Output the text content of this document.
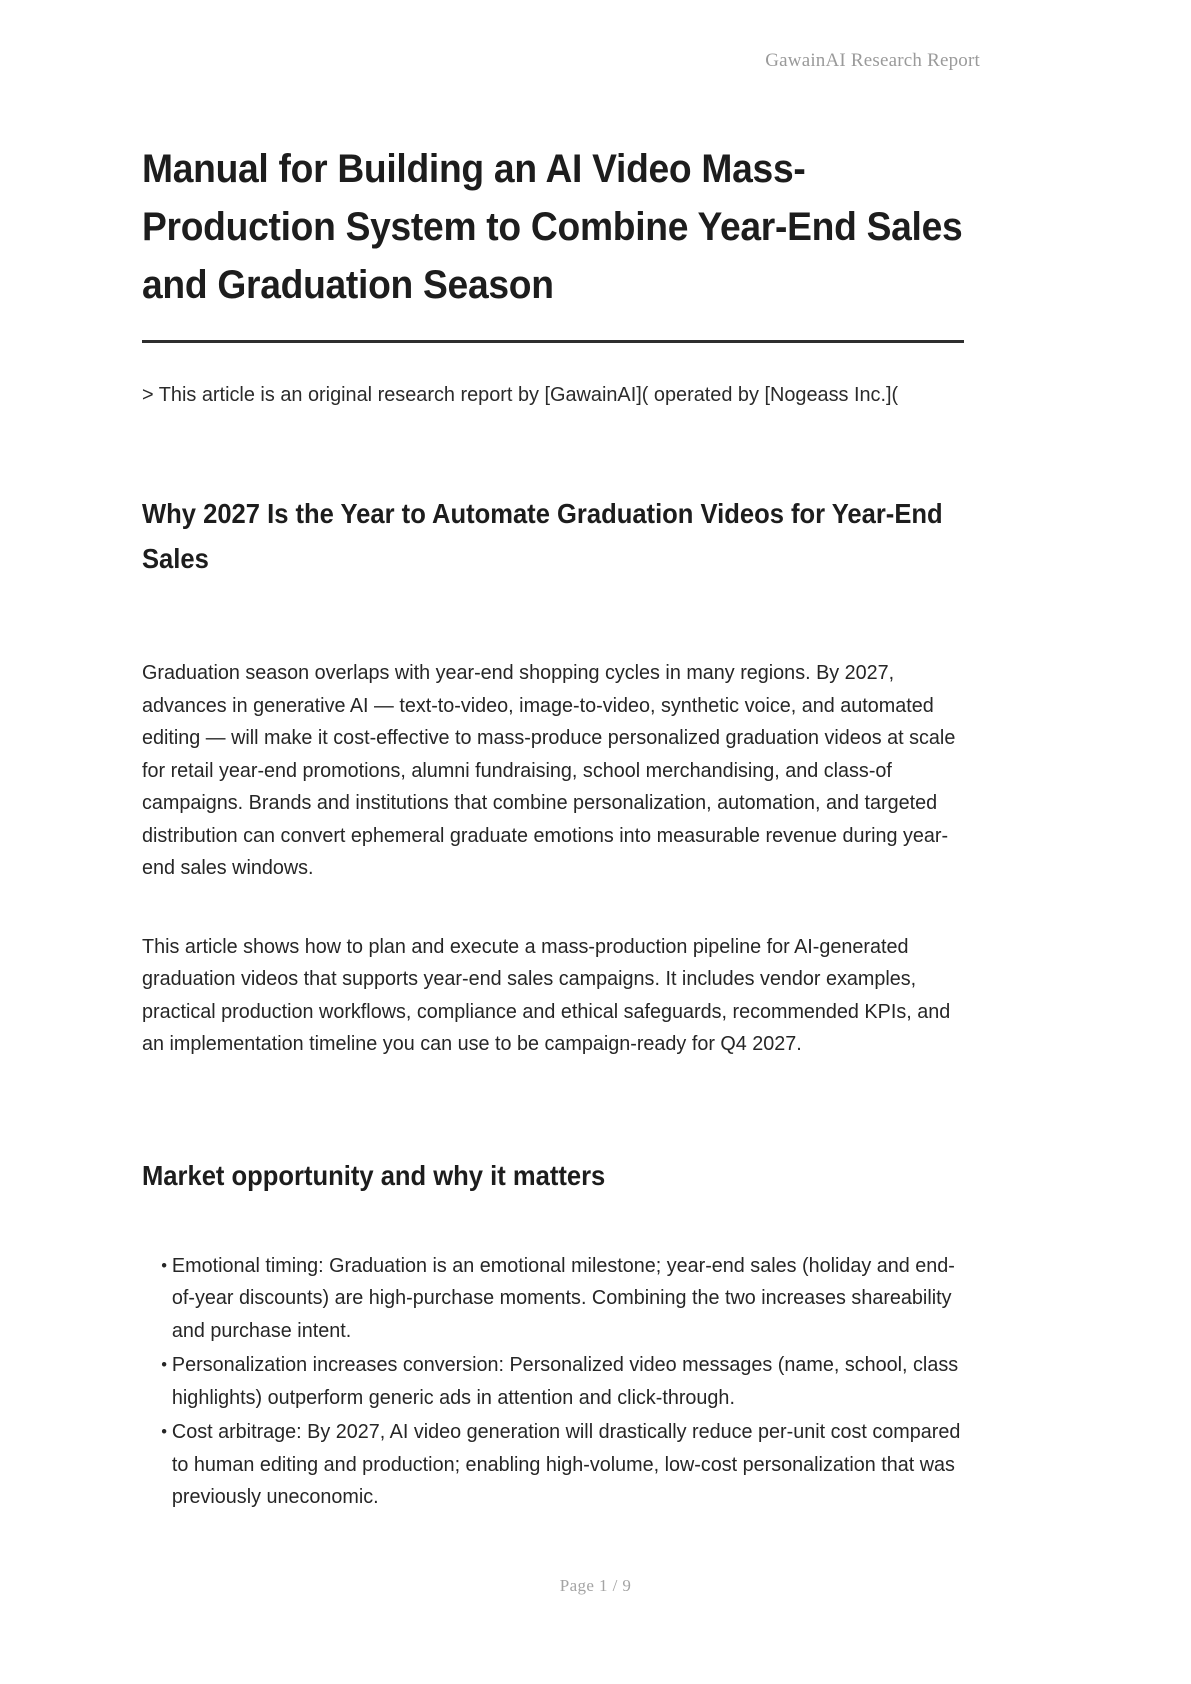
GawainAI Research Report
Manual for Building an AI Video Mass-Production System to Combine Year-End Sales and Graduation Season
> This article is an original research report by [GawainAI]( operated by [Nogeass Inc.](
Why 2027 Is the Year to Automate Graduation Videos for Year-End Sales

Graduation season overlaps with year-end shopping cycles in many regions. By 2027, advances in generative AI — text-to-video, image-to-video, synthetic voice, and automated editing — will make it cost-effective to mass-produce personalized graduation videos at scale for retail year-end promotions, alumni fundraising, school merchandising, and class-of campaigns. Brands and institutions that combine personalization, automation, and targeted distribution can convert ephemeral graduate emotions into measurable revenue during year-end sales windows.

This article shows how to plan and execute a mass-production pipeline for AI-generated graduation videos that supports year-end sales campaigns. It includes vendor examples, practical production workflows, compliance and ethical safeguards, recommended KPIs, and an implementation timeline you can use to be campaign-ready for Q4 2027.

Market opportunity and why it matters
• Emotional timing: Graduation is an emotional milestone; year-end sales (holiday and end-of-year discounts) are high-purchase moments. Combining the two increases shareability and purchase intent.
• Personalization increases conversion: Personalized video messages (name, school, class highlights) outperform generic ads in attention and click-through.
• Cost arbitrage: By 2027, AI video generation will drastically reduce per-unit cost compared to human editing and production; enabling high-volume, low-cost personalization that was previously uneconomic.
Page 1 / 9
